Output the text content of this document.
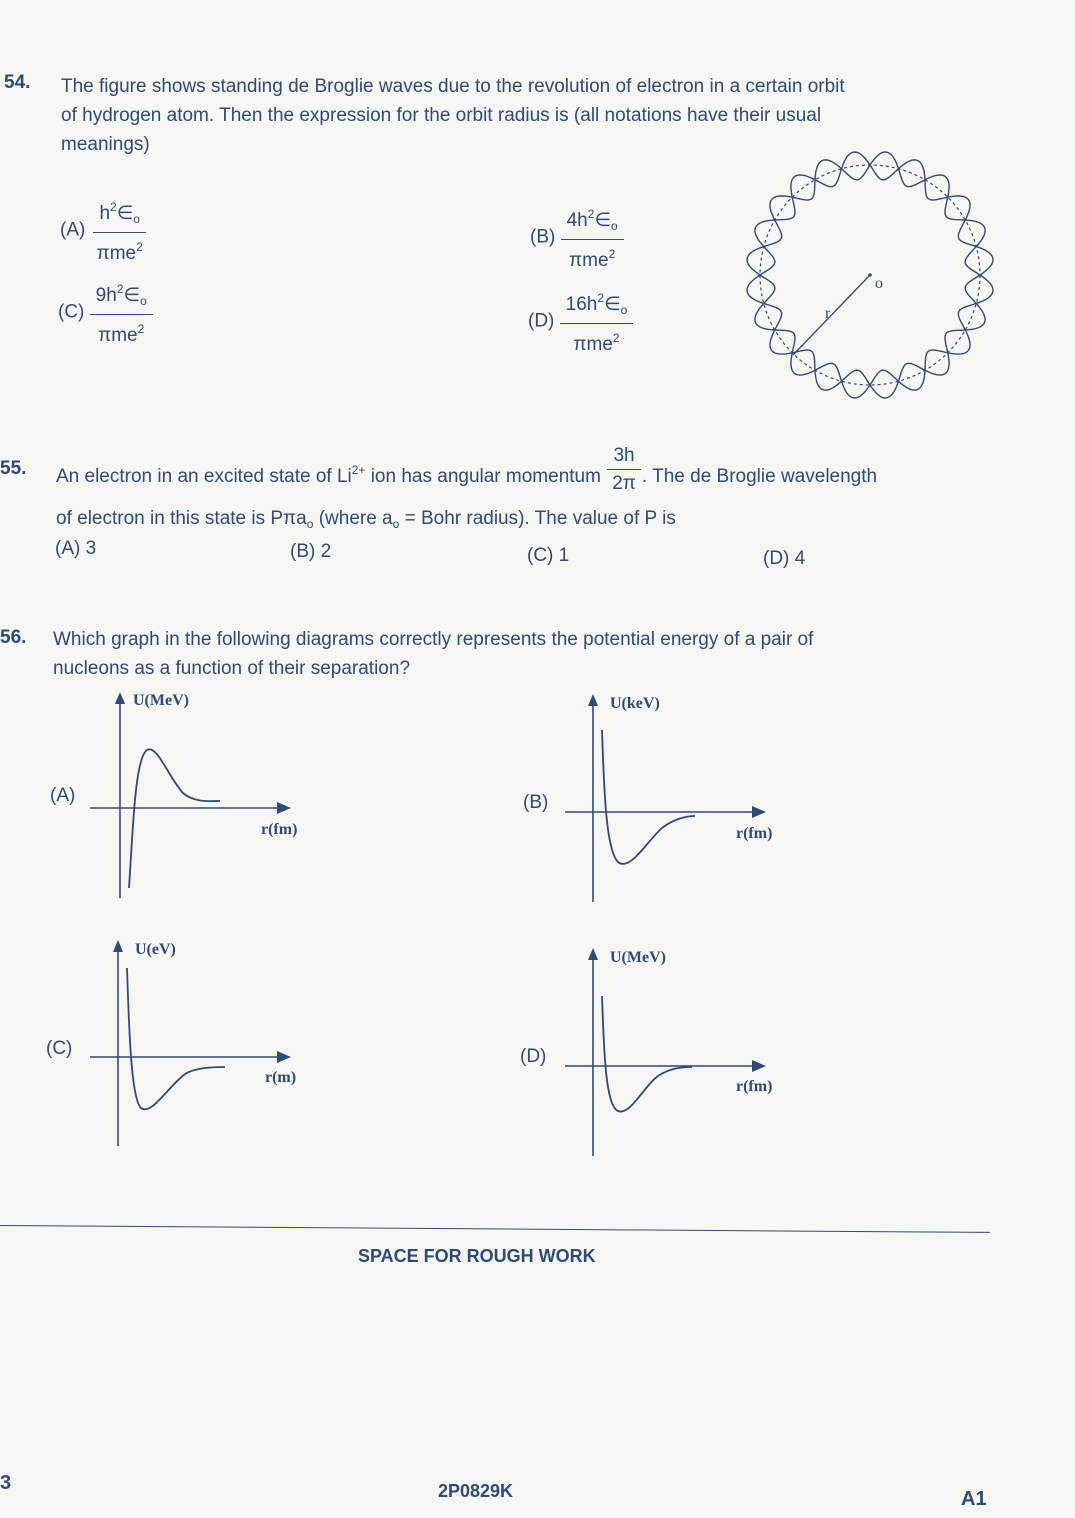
54. The figure shows standing de Broglie waves due to the revolution of electron in a certain orbit
of hydrogen atom. Then the expression for the orbit radius is (all notations have their usual
meanings)
$(A) \frac{h^2\in_o}{\pi me^2}$	$(B) \frac{4h^2\in_o}{\pi me^2}$
$(C) \frac{9h^2\in_o}{\pi me^2}$	$(D) \frac{16h^2\in_o}{\pi me^2}$	r
o
55. An electron in an excited state of $Li^{2+}$ ion has angular momentum $\frac{3h}{2\pi}$ . The de Broglie wavelength
of electron in this state is Pπa$_o$ (where $a_o$ = Bohr radius). The value of P is
(A) 3	(B) 2	(C) 1	(D) 4
56. Which graph in the following diagrams correctly represents the potential energy of a pair of
nucleons as a function of their separation?
(A)
U(MeV)
r(fm)
(B)
U(keV)
r(fm)
(C)
U(eV)
r(m)
(D)
U(MeV)
r(fm)
SPACE FOR ROUGH WORK
3	2P0829K	A1
